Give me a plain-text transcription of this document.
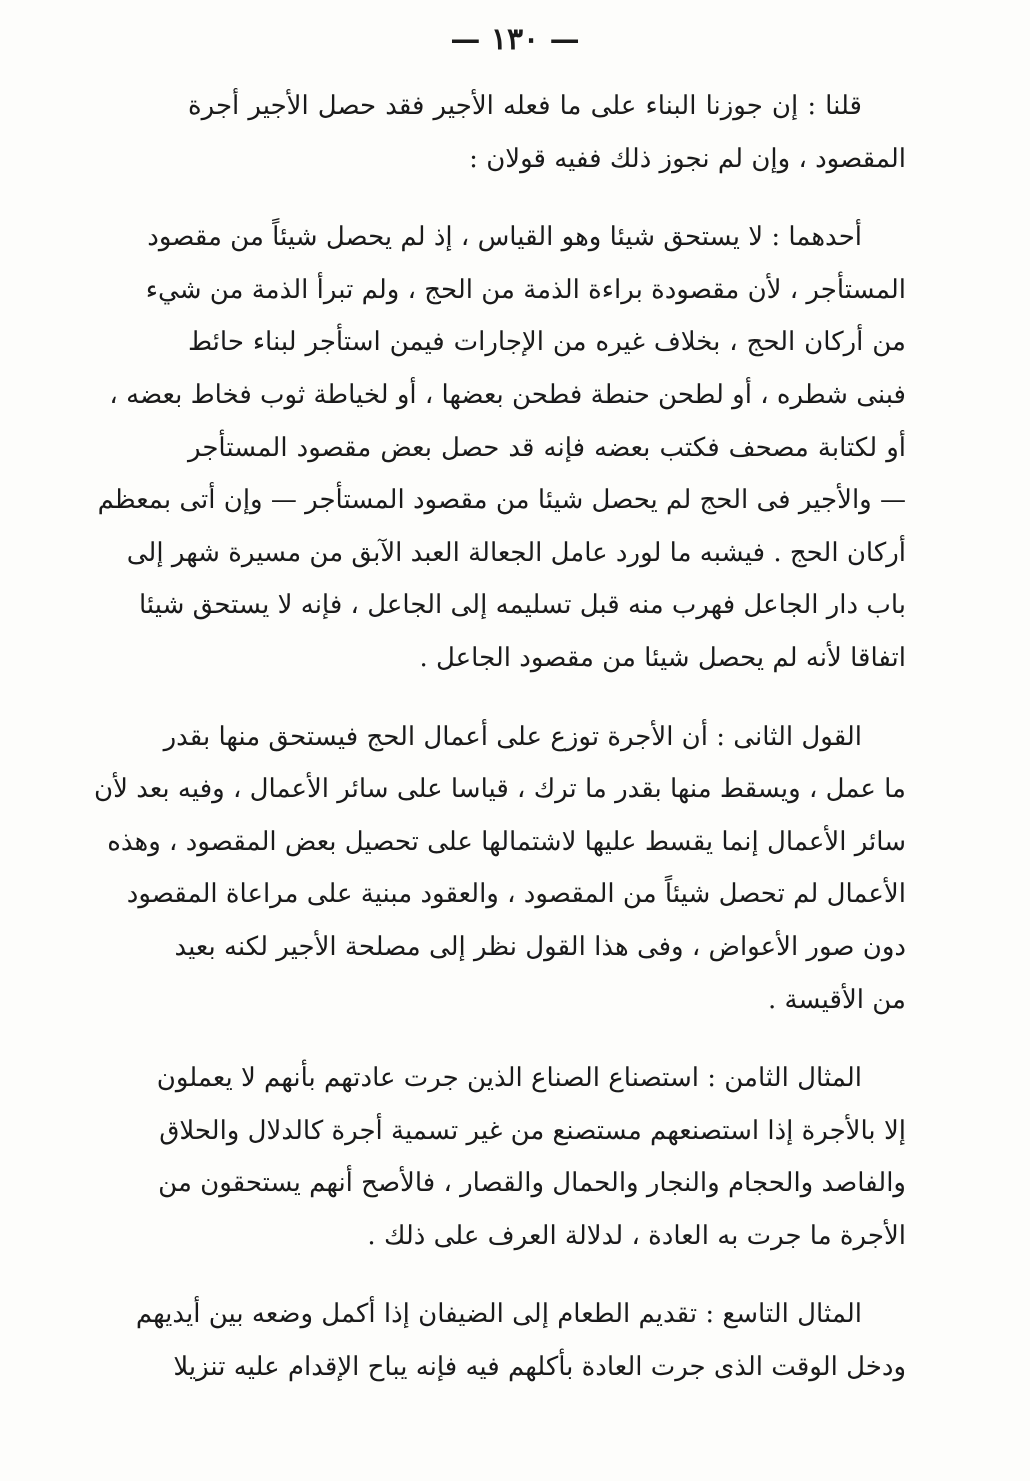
— ١٣٠ —
قلنا : إن جوزنا البناء على ما فعله الأجير فقد حصل الأجير أجرة
المقصود ، وإن لم نجوز ذلك ففيه قولان :
أحدهما : لا يستحق شيئا وهو القياس ، إذ لم يحصل شيئاً من مقصود
المستأجر ، لأن مقصودة براءة الذمة من الحج ، ولم تبرأ الذمة من شيء
من أركان الحج ، بخلاف غيره من الإجارات فيمن استأجر لبناء حائط
فبنى شطره ، أو لطحن حنطة فطحن بعضها ، أو لخياطة ثوب فخاط بعضه ،
أو لكتابة مصحف فكتب بعضه فإنه قد حصل بعض مقصود المستأجر
— والأجير فى الحج لم يحصل شيئا من مقصود المستأجر — وإن أتى بمعظم
أركان الحج . فيشبه ما لورد عامل الجعالة العبد الآبق من مسيرة شهر إلى
باب دار الجاعل فهرب منه قبل تسليمه إلى الجاعل ، فإنه لا يستحق شيئا
اتفاقا لأنه لم يحصل شيئا من مقصود الجاعل .
القول الثانى : أن الأجرة توزع على أعمال الحج فيستحق منها بقدر
ما عمل ، ويسقط منها بقدر ما ترك ، قياسا على سائر الأعمال ، وفيه بعد لأن
سائر الأعمال إنما يقسط عليها لاشتمالها على تحصيل بعض المقصود ، وهذه
الأعمال لم تحصل شيئاً من المقصود ، والعقود مبنية على مراعاة المقصود
دون صور الأعواض ، وفى هذا القول نظر إلى مصلحة الأجير لكنه بعيد
من الأقيسة .
المثال الثامن : استصناع الصناع الذين جرت عادتهم بأنهم لا يعملون
إلا بالأجرة إذا استصنعهم مستصنع من غير تسمية أجرة كالدلال والحلاق
والفاصد والحجام والنجار والحمال والقصار ، فالأصح أنهم يستحقون من
الأجرة ما جرت به العادة ، لدلالة العرف على ذلك .
المثال التاسع : تقديم الطعام إلى الضيفان إذا أكمل وضعه بين أيديهم
ودخل الوقت الذى جرت العادة بأكلهم فيه فإنه يباح الإقدام عليه تنزيلا
